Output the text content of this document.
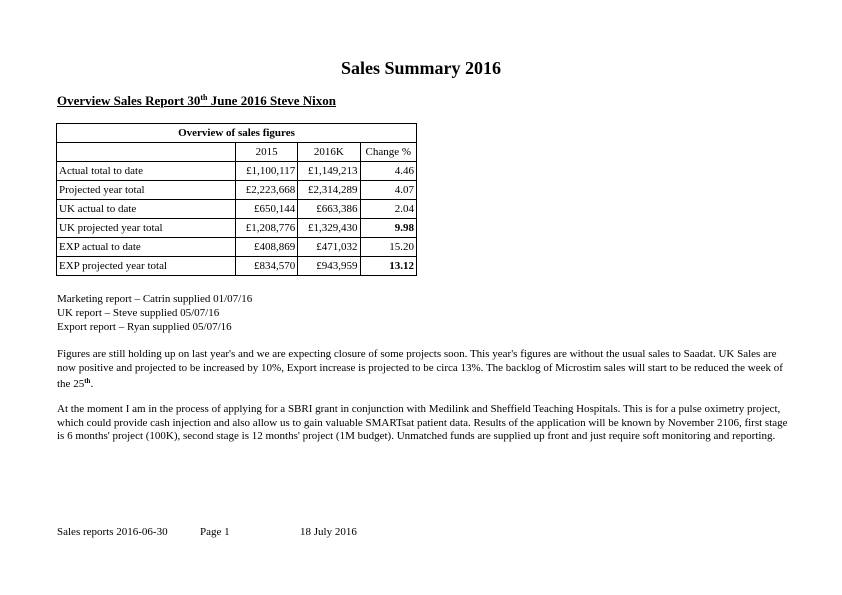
Sales Summary 2016
Overview Sales Report 30th June 2016 Steve Nixon
Overview of sales figures			
	2015	2016K	Change %
Actual total to date	£1,100,117	£1,149,213	4.46
Projected year total	£2,223,668	£2,314,289	4.07
UK actual to date	£650,144	£663,386	2.04
UK projected year total	£1,208,776	£1,329,430	9.98
EXP actual to date	£408,869	£471,032	15.20
EXP projected year total	£834,570	£943,959	13.12
Marketing report – Catrin supplied 01/07/16
UK report – Steve supplied 05/07/16
Export report – Ryan supplied 05/07/16
Figures are still holding up on last year's and we are expecting closure of some projects soon. This year's figures are without the usual sales to Saadat. UK Sales are now positive and projected to be increased by 10%, Export increase is projected to be circa 13%. The backlog of Microstim sales will start to be reduced the week of the 25th.
At the moment I am in the process of applying for a SBRI grant in conjunction with Medilink and Sheffield Teaching Hospitals. This is for a pulse oximetry project, which could provide cash injection and also allow us to gain valuable SMARTsat patient data. Results of the application will be known by November 2106, first stage is 6 months' project (100K), second stage is 12 months' project (1M budget). Unmatched funds are supplied up front and just require soft monitoring and reporting.

Sales reports 2016-06-30

	Page 1

	18 July 2016
